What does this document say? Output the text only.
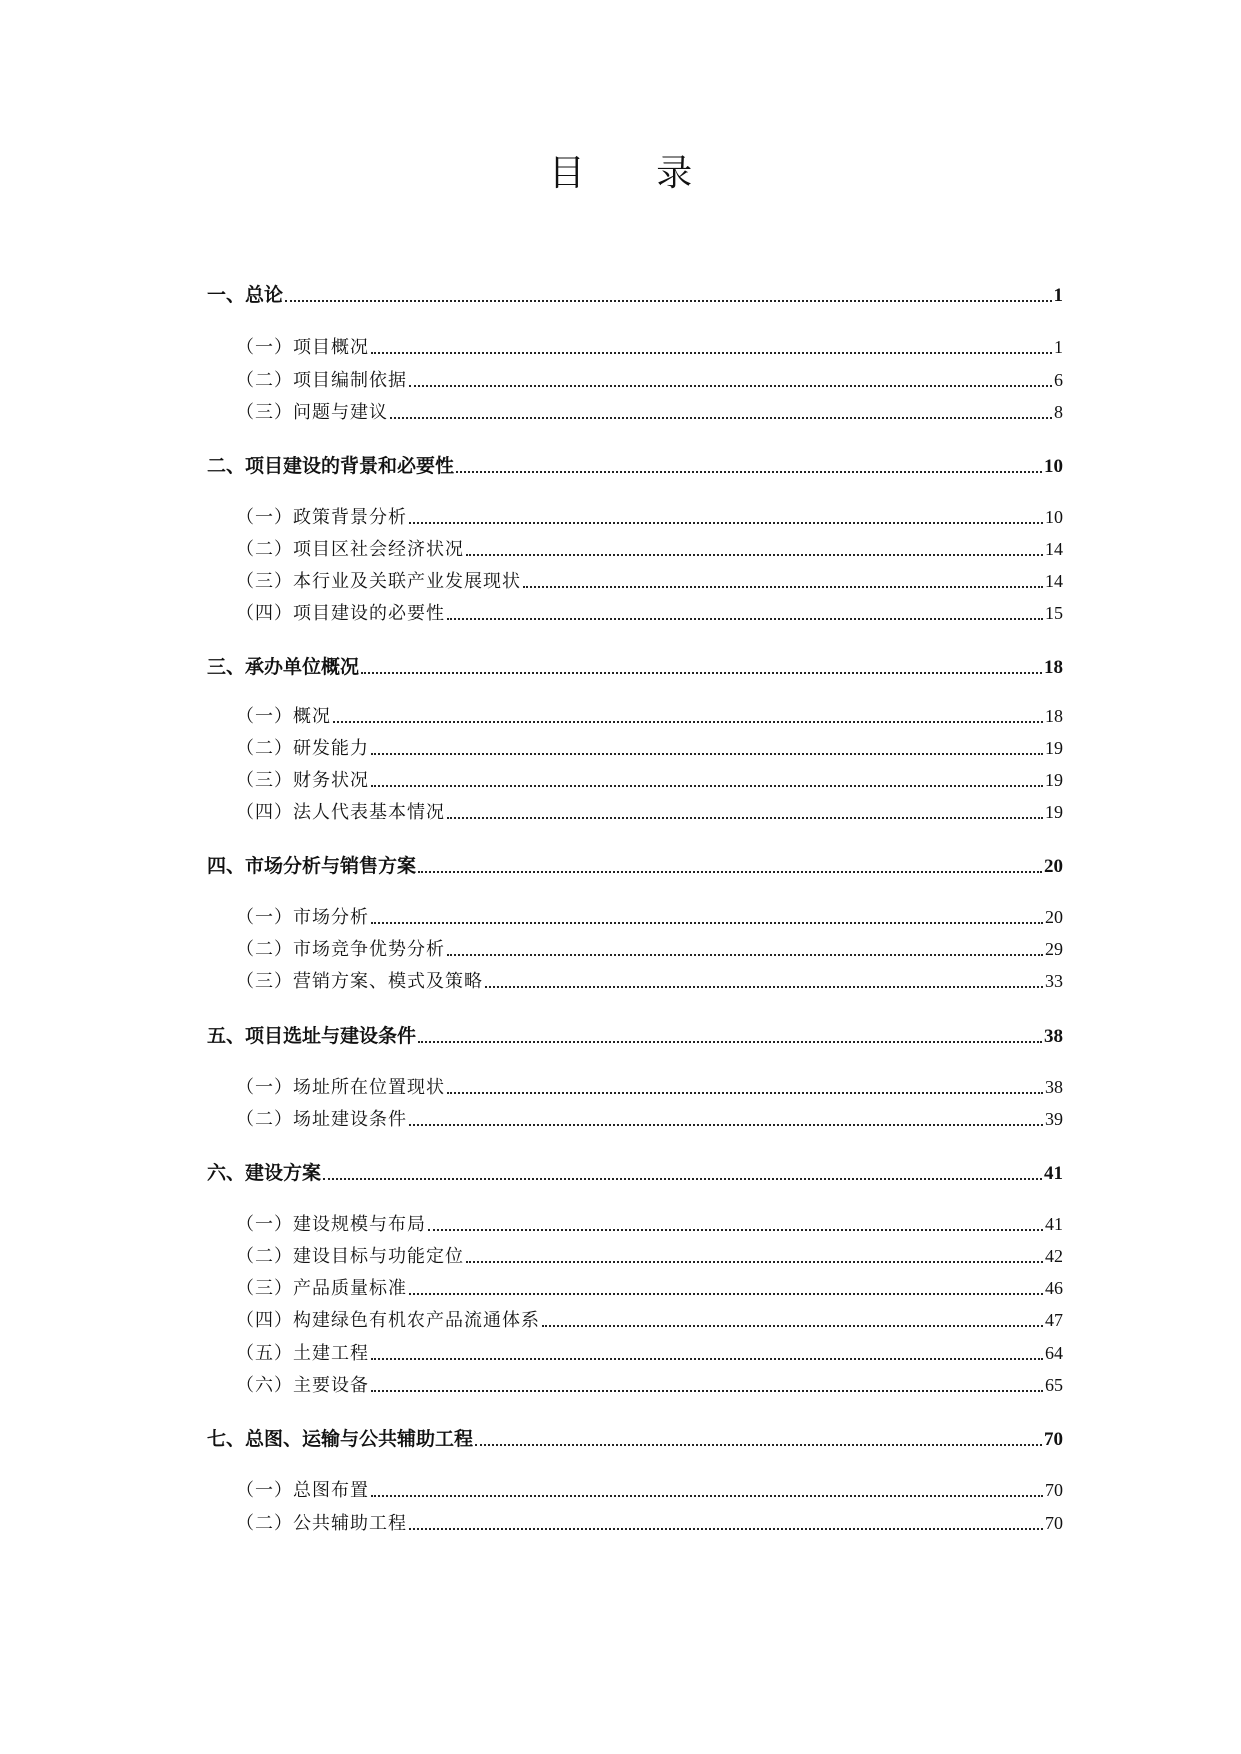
目 录
一、总论	1
（一）项目概况	1
（二）项目编制依据	6
（三）问题与建议	8
二、项目建设的背景和必要性	10
（一）政策背景分析	10
（二）项目区社会经济状况	14
（三）本行业及关联产业发展现状	14
（四）项目建设的必要性	15
三、承办单位概况	18
（一）概况	18
（二）研发能力	19
（三）财务状况	19
（四）法人代表基本情况	19
四、市场分析与销售方案	20
（一）市场分析	20
（二）市场竞争优势分析	29
（三）营销方案、模式及策略	33
五、项目选址与建设条件	38
（一）场址所在位置现状	38
（二）场址建设条件	39
六、建设方案	41
（一）建设规模与布局	41
（二）建设目标与功能定位	42
（三）产品质量标准	46
（四）构建绿色有机农产品流通体系	47
（五）土建工程	64
（六）主要设备	65
七、总图、运输与公共辅助工程	70
（一）总图布置	70
（二）公共辅助工程	70
